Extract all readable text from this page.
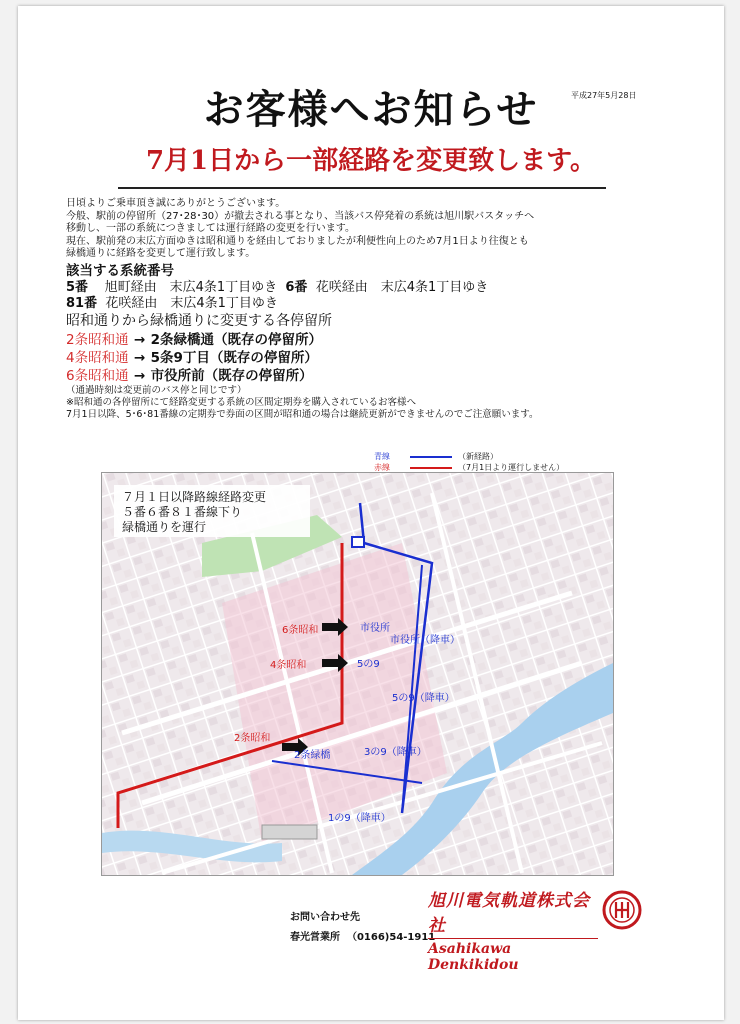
お客様へお知らせ	平成27年5月28日
7月1日から一部経路を変更致します。

日頃よりご乗車頂き誠にありがとうございます。

今般、駅前の停留所（27･28･30）が撤去される事となり、当該バス停発着の系統は旭川駅バスタッチへ

移動し、一部の系統につきましては運行経路の変更を行います。

現在、駅前発の末広方面ゆきは昭和通りを経由しておりましたが利便性向上のため7月1日より往復とも

緑橋通りに経路を変更して運行致します。

該当する系統番号
5番 旭町経由　末広4条1丁目ゆき 6番 花咲経由　末広4条1丁目ゆき
81番 花咲経由　末広4条1丁目ゆき
昭和通りから緑橋通りに変更する各停留所
2条昭和通 → 2条緑橋通（既存の停留所）
4条昭和通 → 5条9丁目（既存の停留所）
6条昭和通 → 市役所前（既存の停留所）
（通過時刻は変更前のバス停と同じです）
※昭和通の各停留所にて経路変更する系統の区間定期券を購入されているお客様へ
7月1日以降、5･6･81番線の定期券で券面の区間が昭和通の場合は継続更新ができませんのでご注意願います。
青線	（新経路）
赤線	（7月1日より運行しません）
７月１日以降路線経路変更
５番６番８１番線下り
緑橋通りを運行
6条昭和
4条昭和
2条昭和
市役所
市役所（降車）
5の9
5の9（降車）
2条緑橋	3の9（降車）
1の9（降車）
お問い合わせ先
春光営業所 （0166)54-1911
旭川電気軌道株式会社
Asahikawa Denkikidou
